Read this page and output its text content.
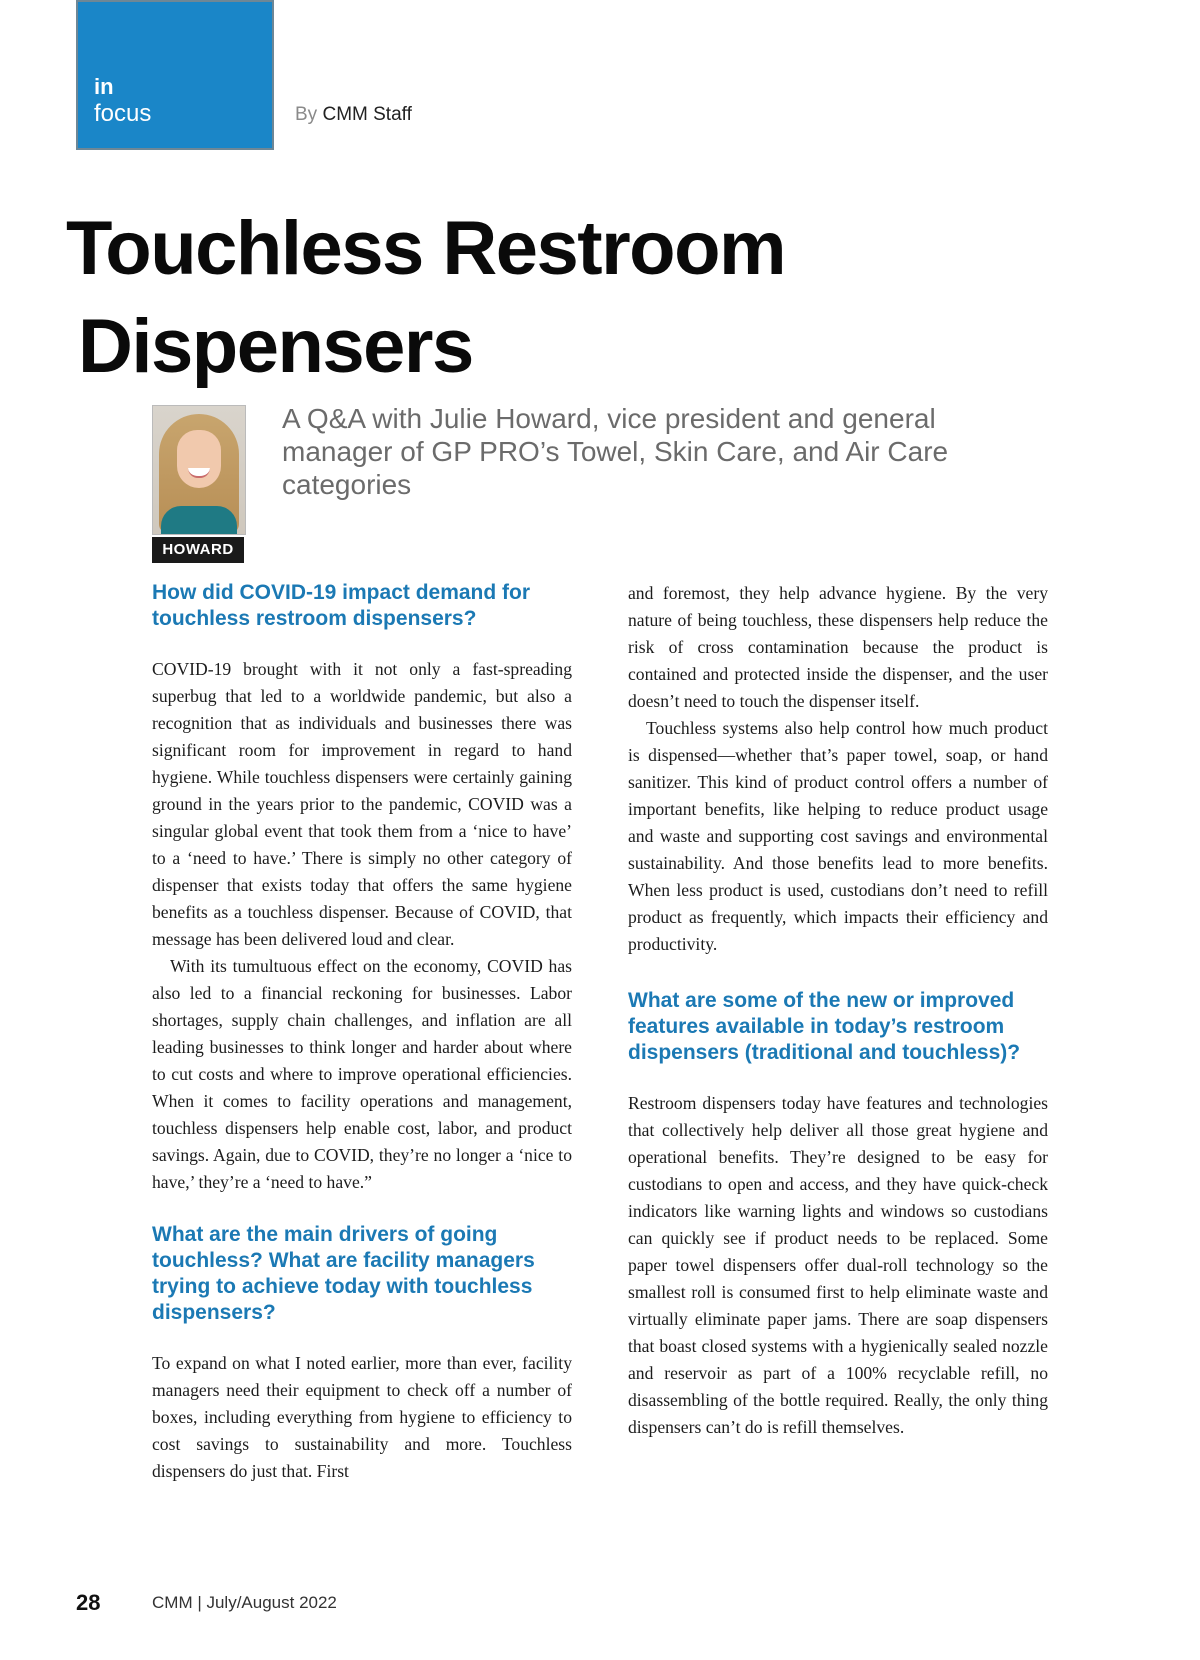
in
focus	By CMM Staff
Touchless Restroom
Dispensers
HOWARD
A Q&A with Julie Howard, vice president and general manager of GP PRO’s Towel, Skin Care, and Air Care categories

How did COVID-19 impact demand for touchless restroom dispensers?

COVID-19 brought with it not only a fast-spreading superbug that led to a worldwide pandemic, but also a recognition that as individuals and businesses there was significant room for improvement in regard to hand hygiene. While touchless dispensers were certainly gaining ground in the years prior to the pandemic, COVID was a singular global event that took them from a ‘nice to have’ to a ‘need to have.’ There is simply no other category of dispenser that exists today that offers the same hygiene benefits as a touchless dispenser. Because of COVID, that message has been delivered loud and clear.

With its tumultuous effect on the economy, COVID has also led to a financial reckoning for businesses. Labor shortages, supply chain challenges, and inflation are all leading businesses to think longer and harder about where to cut costs and where to improve operational efficiencies. When it comes to facility operations and management, touchless dispensers help enable cost, labor, and product savings. Again, due to COVID, they’re no longer a ‘nice to have,’ they’re a ‘need to have.”

What are the main drivers of going touchless? What are facility managers trying to achieve today with touchless dispensers?

To expand on what I noted earlier, more than ever, facility managers need their equipment to check off a number of boxes, including everything from hygiene to efficiency to cost savings to sustainability and more. Touchless dispensers do just that. First

and foremost, they help advance hygiene. By the very nature of being touchless, these dispensers help reduce the risk of cross contamination because the product is contained and protected inside the dispenser, and the user doesn’t need to touch the dispenser itself.

Touchless systems also help control how much product is dispensed—whether that’s paper towel, soap, or hand sanitizer. This kind of product control offers a number of important benefits, like helping to reduce product usage and waste and supporting cost savings and environmental sustainability. And those benefits lead to more benefits. When less product is used, custodians don’t need to refill product as frequently, which impacts their efficiency and productivity.

What are some of the new or improved features available in today’s restroom dispensers (traditional and touchless)?

Restroom dispensers today have features and technologies that collectively help deliver all those great hygiene and operational benefits. They’re designed to be easy for custodians to open and access, and they have quick-check indicators like warning lights and windows so custodians can quickly see if product needs to be replaced. Some paper towel dispensers offer dual-roll technology so the smallest roll is consumed first to help eliminate waste and virtually eliminate paper jams. There are soap dispensers that boast closed systems with a hygienically sealed nozzle and reservoir as part of a 100% recyclable refill, no disassembling of the bottle required. Really, the only thing dispensers can’t do is refill themselves.

28	CMM | July/August 2022
